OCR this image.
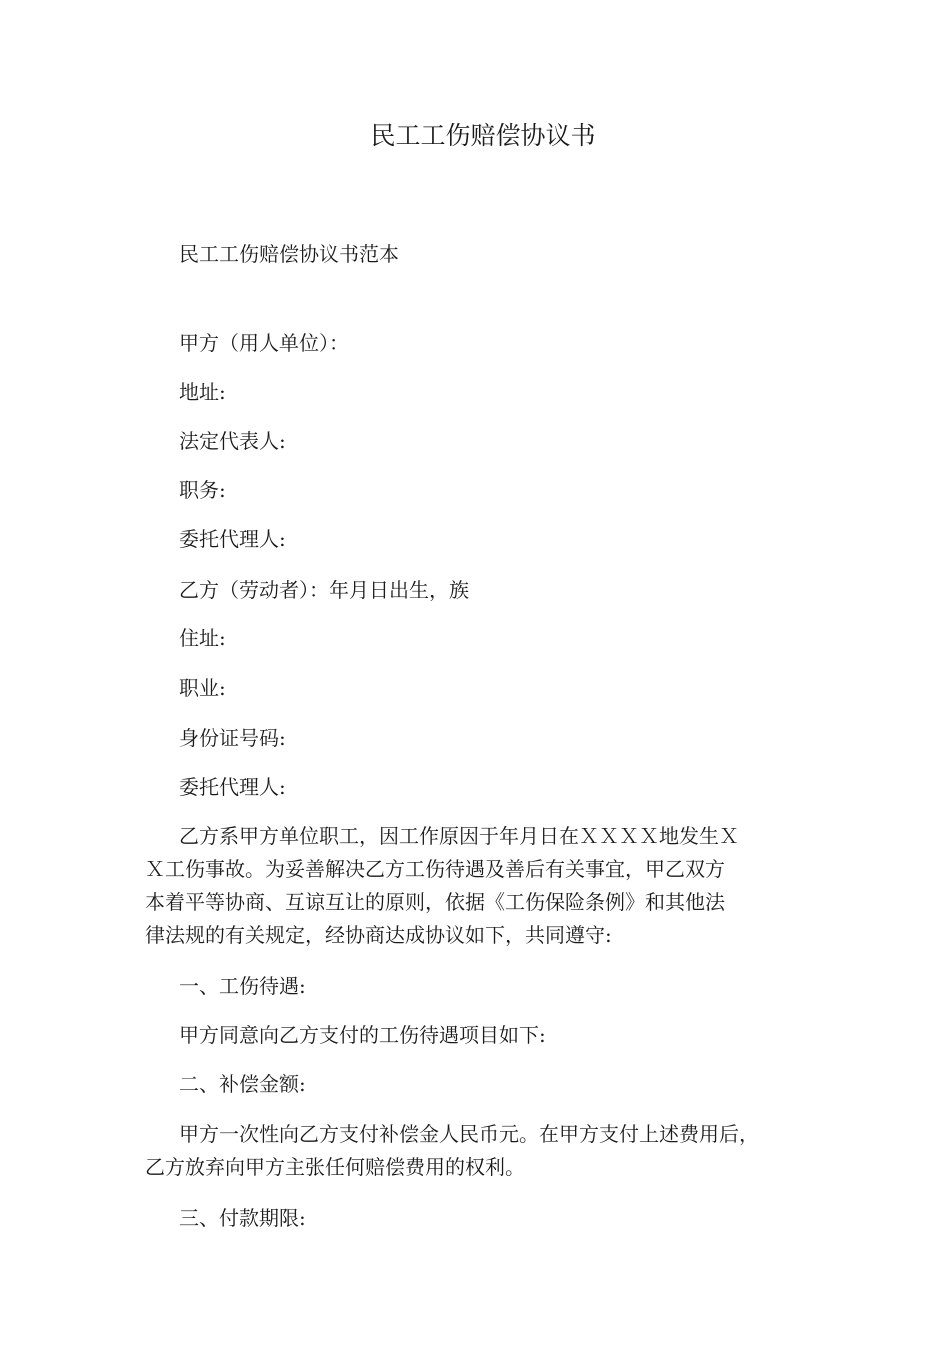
民工工伤赔偿协议书
民工工伤赔偿协议书范本
甲方（用人单位）：
地址:
法定代表人:
职务:
委托代理人:
乙方（劳动者）：年月日出生，族
住址:
职业:
身份证号码:
委托代理人:
乙方系甲方单位职工，因工作原因于年月日在ＸＸＸＸ地发生Ｘ
Ｘ工伤事故。为妥善解决乙方工伤待遇及善后有关事宜，甲乙双方
本着平等协商、互谅互让的原则，依据《工伤保险条例》和其他法
律法规的有关规定，经协商达成协议如下，共同遵守:
一、工伤待遇:
甲方同意向乙方支付的工伤待遇项目如下:
二、补偿金额:
甲方一次性向乙方支付补偿金人民币元。在甲方支付上述费用后，
乙方放弃向甲方主张任何赔偿费用的权利。
三、付款期限:
